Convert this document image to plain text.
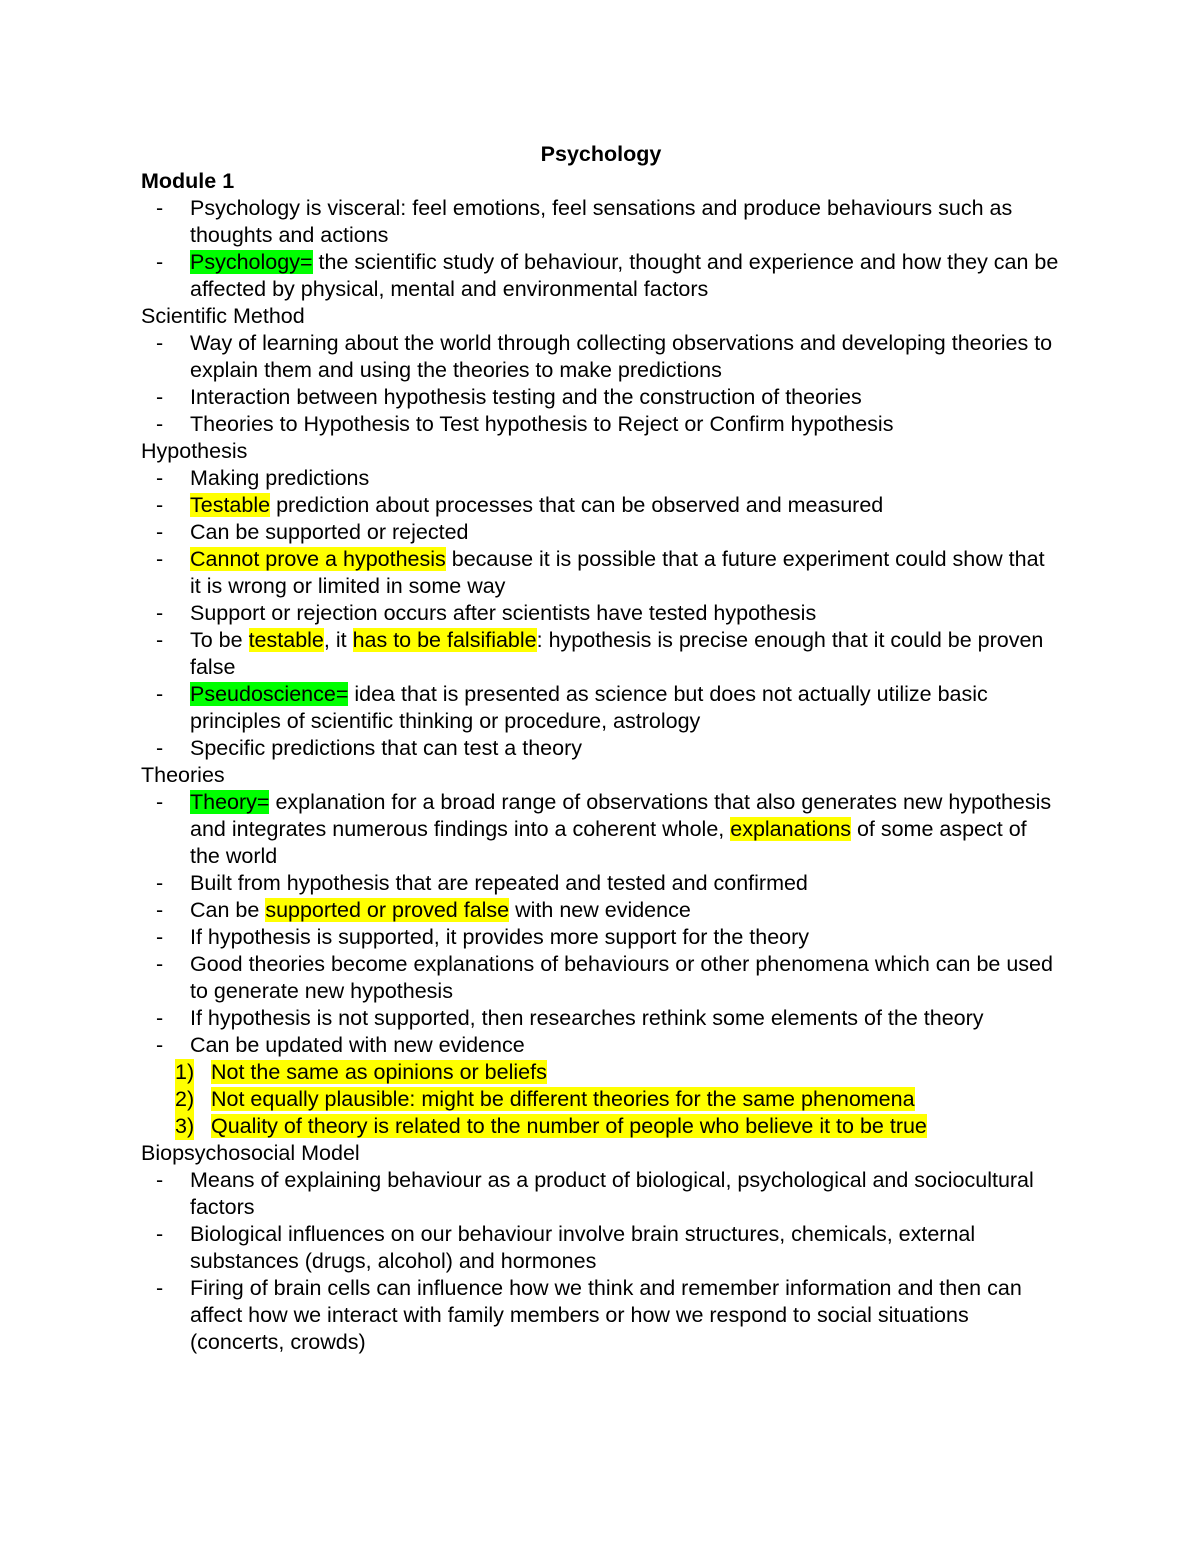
Psychology

Module 1

- Psychology is visceral: feel emotions, feel sensations and produce behaviours such as thoughts and actions
- Psychology= the scientific study of behaviour, thought and experience and how they can be affected by physical, mental and environmental factors

Scientific Method

- Way of learning about the world through collecting observations and developing theories to explain them and using the theories to make predictions
- Interaction between hypothesis testing and the construction of theories
- Theories to Hypothesis to Test hypothesis to Reject or Confirm hypothesis

Hypothesis

- Making predictions
- Testable prediction about processes that can be observed and measured
- Can be supported or rejected
- Cannot prove a hypothesis because it is possible that a future experiment could show that it is wrong or limited in some way
- Support or rejection occurs after scientists have tested hypothesis
- To be testable, it has to be falsifiable: hypothesis is precise enough that it could be proven false
- Pseudoscience= idea that is presented as science but does not actually utilize basic principles of scientific thinking or procedure, astrology
- Specific predictions that can test a theory

Theories

- Theory= explanation for a broad range of observations that also generates new hypothesis and integrates numerous findings into a coherent whole, explanations of some aspect of the world
- Built from hypothesis that are repeated and tested and confirmed
- Can be supported or proved false with new evidence
- If hypothesis is supported, it provides more support for the theory
- Good theories become explanations of behaviours or other phenomena which can be used to generate new hypothesis
- If hypothesis is not supported, then researches rethink some elements of the theory
- Can be updated with new evidence
1) Not the same as opinions or beliefs
2) Not equally plausible: might be different theories for the same phenomena
3) Quality of theory is related to the number of people who believe it to be true

Biopsychosocial Model

- Means of explaining behaviour as a product of biological, psychological and sociocultural factors
- Biological influences on our behaviour involve brain structures, chemicals, external substances (drugs, alcohol) and hormones
- Firing of brain cells can influence how we think and remember information and then can affect how we interact with family members or how we respond to social situations (concerts, crowds)
